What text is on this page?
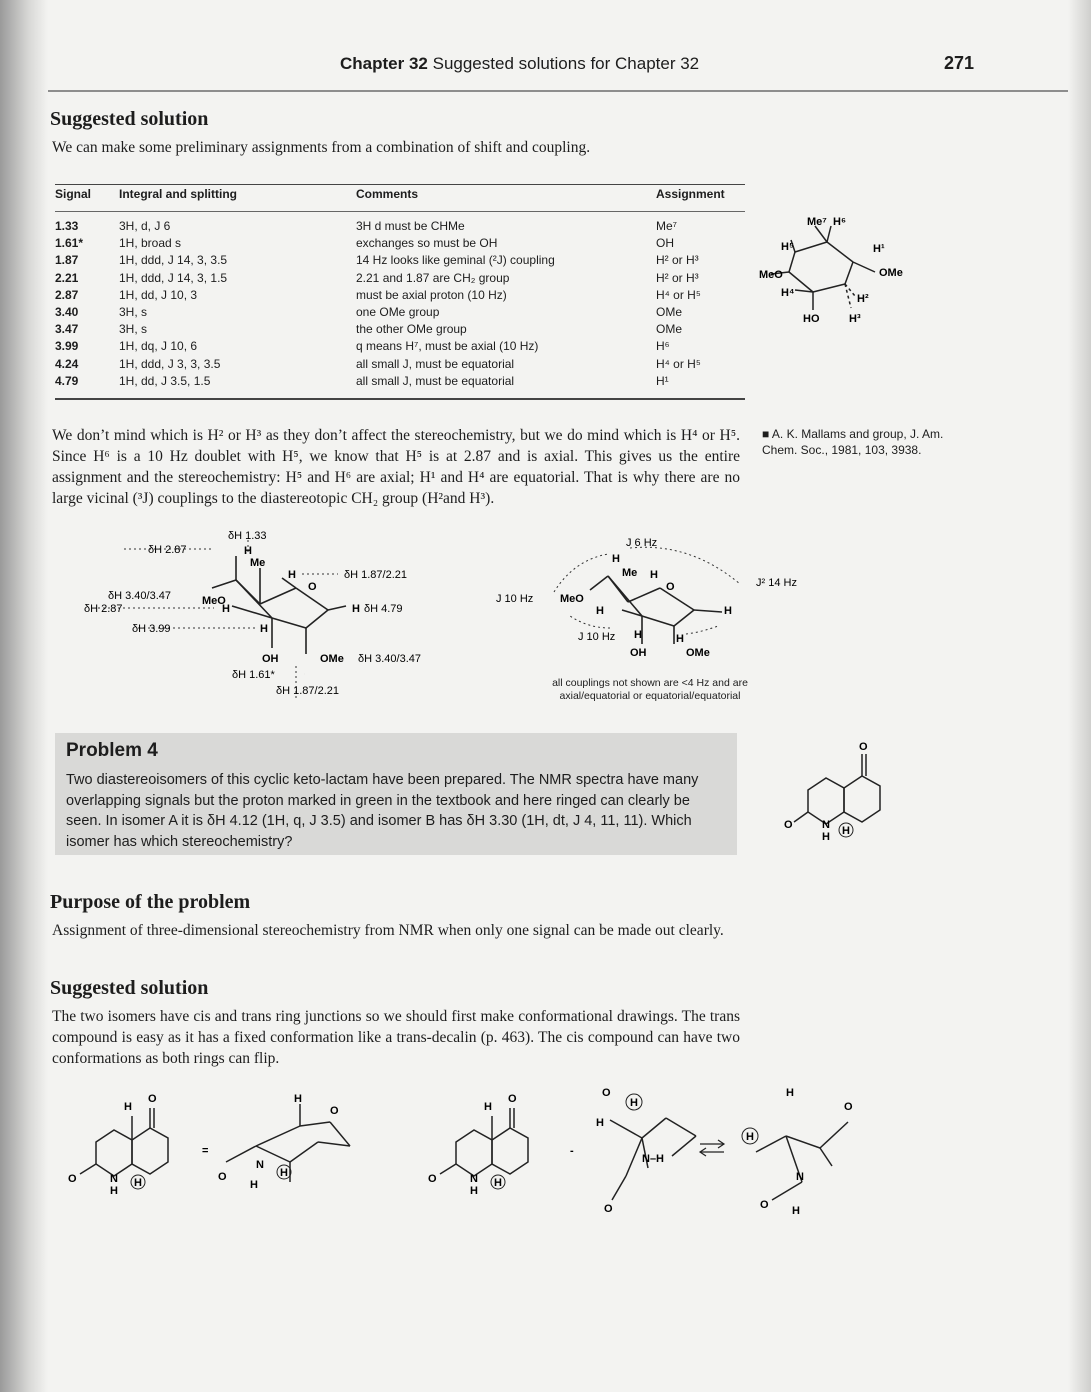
Chapter 32 Suggested solutions for Chapter 32	271
Suggested solution

We can make some preliminary assignments from a combination of shift and coupling.

Signal	Integral and splitting	Comments	Assignment
1.33	3H, d, J 6	3H d must be CHMe	Me⁷
1.61*	1H, broad s	exchanges so must be OH	OH
1.87	1H, ddd, J 14, 3, 3.5	14 Hz looks like geminal (²J) coupling	H² or H³
2.21	1H, ddd, J 14, 3, 1.5	2.21 and 1.87 are CH₂ group	H² or H³
2.87	1H, dd, J 10, 3	must be axial proton (10 Hz)	H⁴ or H⁵
3.40	3H, s	one OMe group	OMe
3.47	3H, s	the other OMe group	OMe
3.99	1H, dq, J 10, 6	q means H⁷, must be axial (10 Hz)	H⁶
4.24	1H, ddd, J 3, 3, 3.5	all small J, must be equatorial	H⁴ or H⁵
4.79	1H, dd, J 3.5, 1.5	all small J, must be equatorial	H¹
Me⁷ H⁶
H⁵	H¹
MeO	OMe
H⁴	H²
HO	H³
■ A. K. Mallams and group, J. Am. Chem. Soc., 1981, 103, 3938.

We don’t mind which is H² or H³ as they don’t affect the stereochemistry, but we do mind which is H⁴ or H⁵. Since H⁶ is a 10 Hz doublet with H⁵, we know that H⁵ is at 2.87 and is axial. This gives us the entire assignment and the stereochemistry: H⁵ and H⁶ are axial; H¹ and H⁴ are equatorial. That is why there are no large vicinal (³J) couplings to the diastereotopic CH₂ group (H²and H³).

δH 1.33
δH 2.87	H
Me
H	δH 1.87/2.21
δH 3.40/3.47	MeO
O
δH 2.87	H	H δH 4.79
δH 3.99	H
OH	OMe δH 3.40/3.47
δH 1.61*
δH 1.87/2.21
J 6 Hz
H
Me H
J² 14 Hz
J 10 Hz MeO
O
H	H
J 10 Hz H	H
OH	OMe
all couplings not shown are <4 Hz and are axial/equatorial or equatorial/equatorial
Problem 4

Two diastereoisomers of this cyclic keto-lactam have been prepared. The NMR spectra have many overlapping signals but the proton marked in green in the textbook and here ringed can clearly be seen. In isomer A it is δH 4.12 (1H, q, J 3.5) and isomer B has δH 3.30 (1H, dt, J 4, 11, 11). Which isomer has which stereochemistry?

O
O	N
H H
Purpose of the problem

Assignment of three-dimensional stereochemistry from NMR when only one signal can be made out clearly.

Suggested solution

The two isomers have cis and trans ring junctions so we should first make conformational drawings. The trans compound is easy as it has a fixed conformation like a trans-decalin (p. 463). The cis compound can have two conformations as both rings can flip.

H
O
O	N
H
H
=
H
O
N
O
H
H
H
O
O	N
H
H
-
O
H
H
N–H
O
H
O
H
N
O H
